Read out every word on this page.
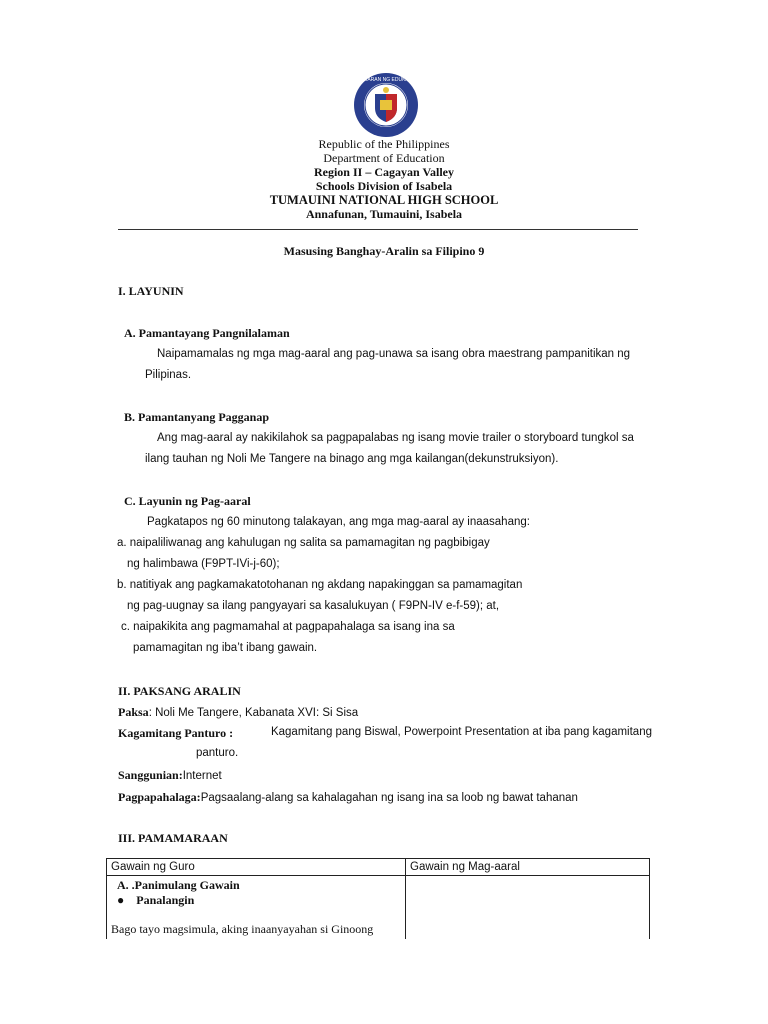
KAGAWARAN NG EDUKASYON
Republic of the Philippines
Department of Education
Region II – Cagayan Valley
Schools Division of Isabela
TUMAUINI NATIONAL HIGH SCHOOL
Annafunan, Tumauini, Isabela
Masusing Banghay-Aralin sa Filipino 9
I. LAYUNIN
A. Pamantayang Pangnilalaman
Naipamamalas ng mga mag-aaral ang pag-unawa sa isang obra maestrang pampanitikan ng
Pilipinas.
B. Pamantanyang Pagganap
Ang mag-aaral ay nakikilahok sa pagpapalabas ng isang movie trailer o storyboard tungkol sa
ilang tauhan ng Noli Me Tangere na binago ang mga kailangan(dekunstruksiyon).
C. Layunin ng Pag-aaral
Pagkatapos ng 60 minutong talakayan, ang mga mag-aaral ay inaasahang:
a. naipaliliwanag ang kahulugan ng salita sa pamamagitan ng pagbibigay
ng halimbawa (F9PT-IVi-j-60);
b. natitiyak ang pagkamakatotohanan ng akdang napakinggan sa pamamagitan
ng pag-uugnay sa ilang pangyayari sa kasalukuyan ( F9PN-IV e-f-59); at,
c. naipakikita ang pagmamahal at pagpapahalaga sa isang ina sa
pamamagitan ng iba’t ibang gawain.
II. PAKSANG ARALIN
Paksa: Noli Me Tangere, Kabanata XVI: Si Sisa
Kagamitang Panturo :	Kagamitang pang Biswal, Powerpoint Presentation at iba pang kagamitang
panturo.
Sanggunian:Internet
Pagpapahalaga:Pagsaalang-alang sa kahalagahan ng isang ina sa loob ng bawat tahanan
III. PAMAMARAAN
Gawain ng Guro	Gawain ng Mag-aaral

A. .Panimulang Gawain
● Panalangin
Bago tayo magsimula, aking inaanyayahan si Ginoong	
